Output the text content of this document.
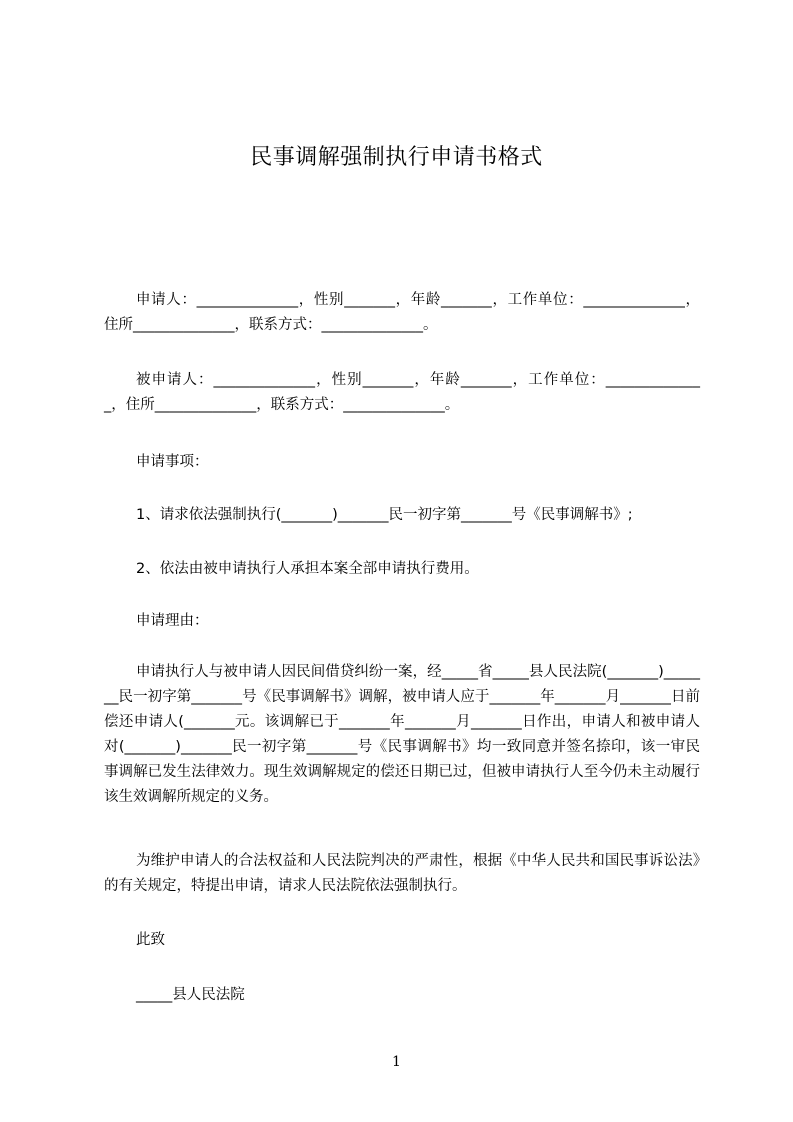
民事调解强制执行申请书格式
申请人：______________，性别_______，年龄_______，工作单位：______________，住所______________，联系方式：______________。
被申请人：______________，性别_______，年龄_______，工作单位：______________，住所______________，联系方式：______________。
申请事项：
1、请求依法强制执行(_______)_______民一初字第_______号《民事调解书》;
2、依法由被申请执行人承担本案全部申请执行费用。
申请理由：
申请执行人与被申请人因民间借贷纠纷一案，经_____省_____县人民法院(_______)_______民一初字第_______号《民事调解书》调解，被申请人应于_______年_______月_______日前偿还申请人(_______元。该调解已于_______年_______月_______日作出，申请人和被申请人对(_______)_______民一初字第_______号《民事调解书》均一致同意并签名捺印，该一审民事调解已发生法律效力。现生效调解规定的偿还日期已过，但被申请执行人至今仍未主动履行该生效调解所规定的义务。
为维护申请人的合法权益和人民法院判决的严肃性，根据《中华人民共和国民事诉讼法》的有关规定，特提出申请，请求人民法院依法强制执行。
此致
_____县人民法院
1
